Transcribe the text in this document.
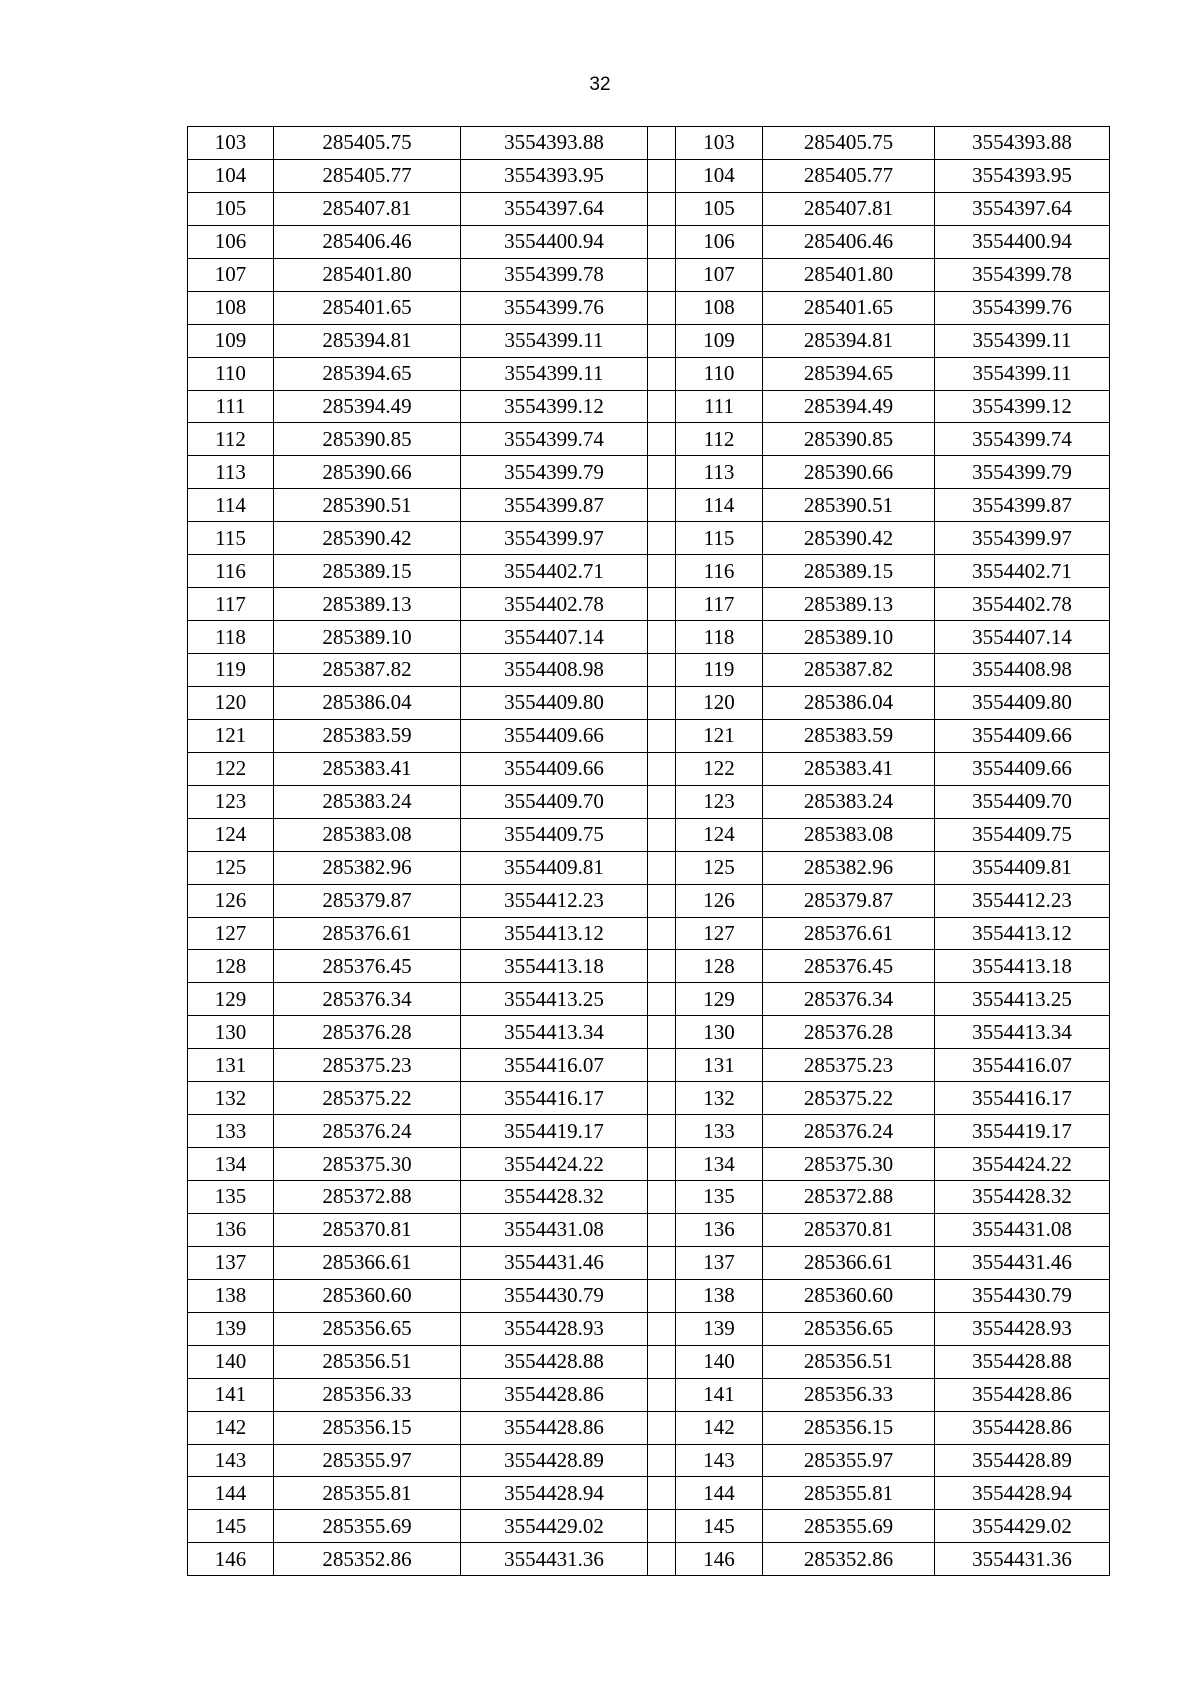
32
103	285405.75	3554393.88		103	285405.75	3554393.88
104	285405.77	3554393.95		104	285405.77	3554393.95
105	285407.81	3554397.64		105	285407.81	3554397.64
106	285406.46	3554400.94		106	285406.46	3554400.94
107	285401.80	3554399.78		107	285401.80	3554399.78
108	285401.65	3554399.76		108	285401.65	3554399.76
109	285394.81	3554399.11		109	285394.81	3554399.11
110	285394.65	3554399.11		110	285394.65	3554399.11
111	285394.49	3554399.12		111	285394.49	3554399.12
112	285390.85	3554399.74		112	285390.85	3554399.74
113	285390.66	3554399.79		113	285390.66	3554399.79
114	285390.51	3554399.87		114	285390.51	3554399.87
115	285390.42	3554399.97		115	285390.42	3554399.97
116	285389.15	3554402.71		116	285389.15	3554402.71
117	285389.13	3554402.78		117	285389.13	3554402.78
118	285389.10	3554407.14		118	285389.10	3554407.14
119	285387.82	3554408.98		119	285387.82	3554408.98
120	285386.04	3554409.80		120	285386.04	3554409.80
121	285383.59	3554409.66		121	285383.59	3554409.66
122	285383.41	3554409.66		122	285383.41	3554409.66
123	285383.24	3554409.70		123	285383.24	3554409.70
124	285383.08	3554409.75		124	285383.08	3554409.75
125	285382.96	3554409.81		125	285382.96	3554409.81
126	285379.87	3554412.23		126	285379.87	3554412.23
127	285376.61	3554413.12		127	285376.61	3554413.12
128	285376.45	3554413.18		128	285376.45	3554413.18
129	285376.34	3554413.25		129	285376.34	3554413.25
130	285376.28	3554413.34		130	285376.28	3554413.34
131	285375.23	3554416.07		131	285375.23	3554416.07
132	285375.22	3554416.17		132	285375.22	3554416.17
133	285376.24	3554419.17		133	285376.24	3554419.17
134	285375.30	3554424.22		134	285375.30	3554424.22
135	285372.88	3554428.32		135	285372.88	3554428.32
136	285370.81	3554431.08		136	285370.81	3554431.08
137	285366.61	3554431.46		137	285366.61	3554431.46
138	285360.60	3554430.79		138	285360.60	3554430.79
139	285356.65	3554428.93		139	285356.65	3554428.93
140	285356.51	3554428.88		140	285356.51	3554428.88
141	285356.33	3554428.86		141	285356.33	3554428.86
142	285356.15	3554428.86		142	285356.15	3554428.86
143	285355.97	3554428.89		143	285355.97	3554428.89
144	285355.81	3554428.94		144	285355.81	3554428.94
145	285355.69	3554429.02		145	285355.69	3554429.02
146	285352.86	3554431.36		146	285352.86	3554431.36
